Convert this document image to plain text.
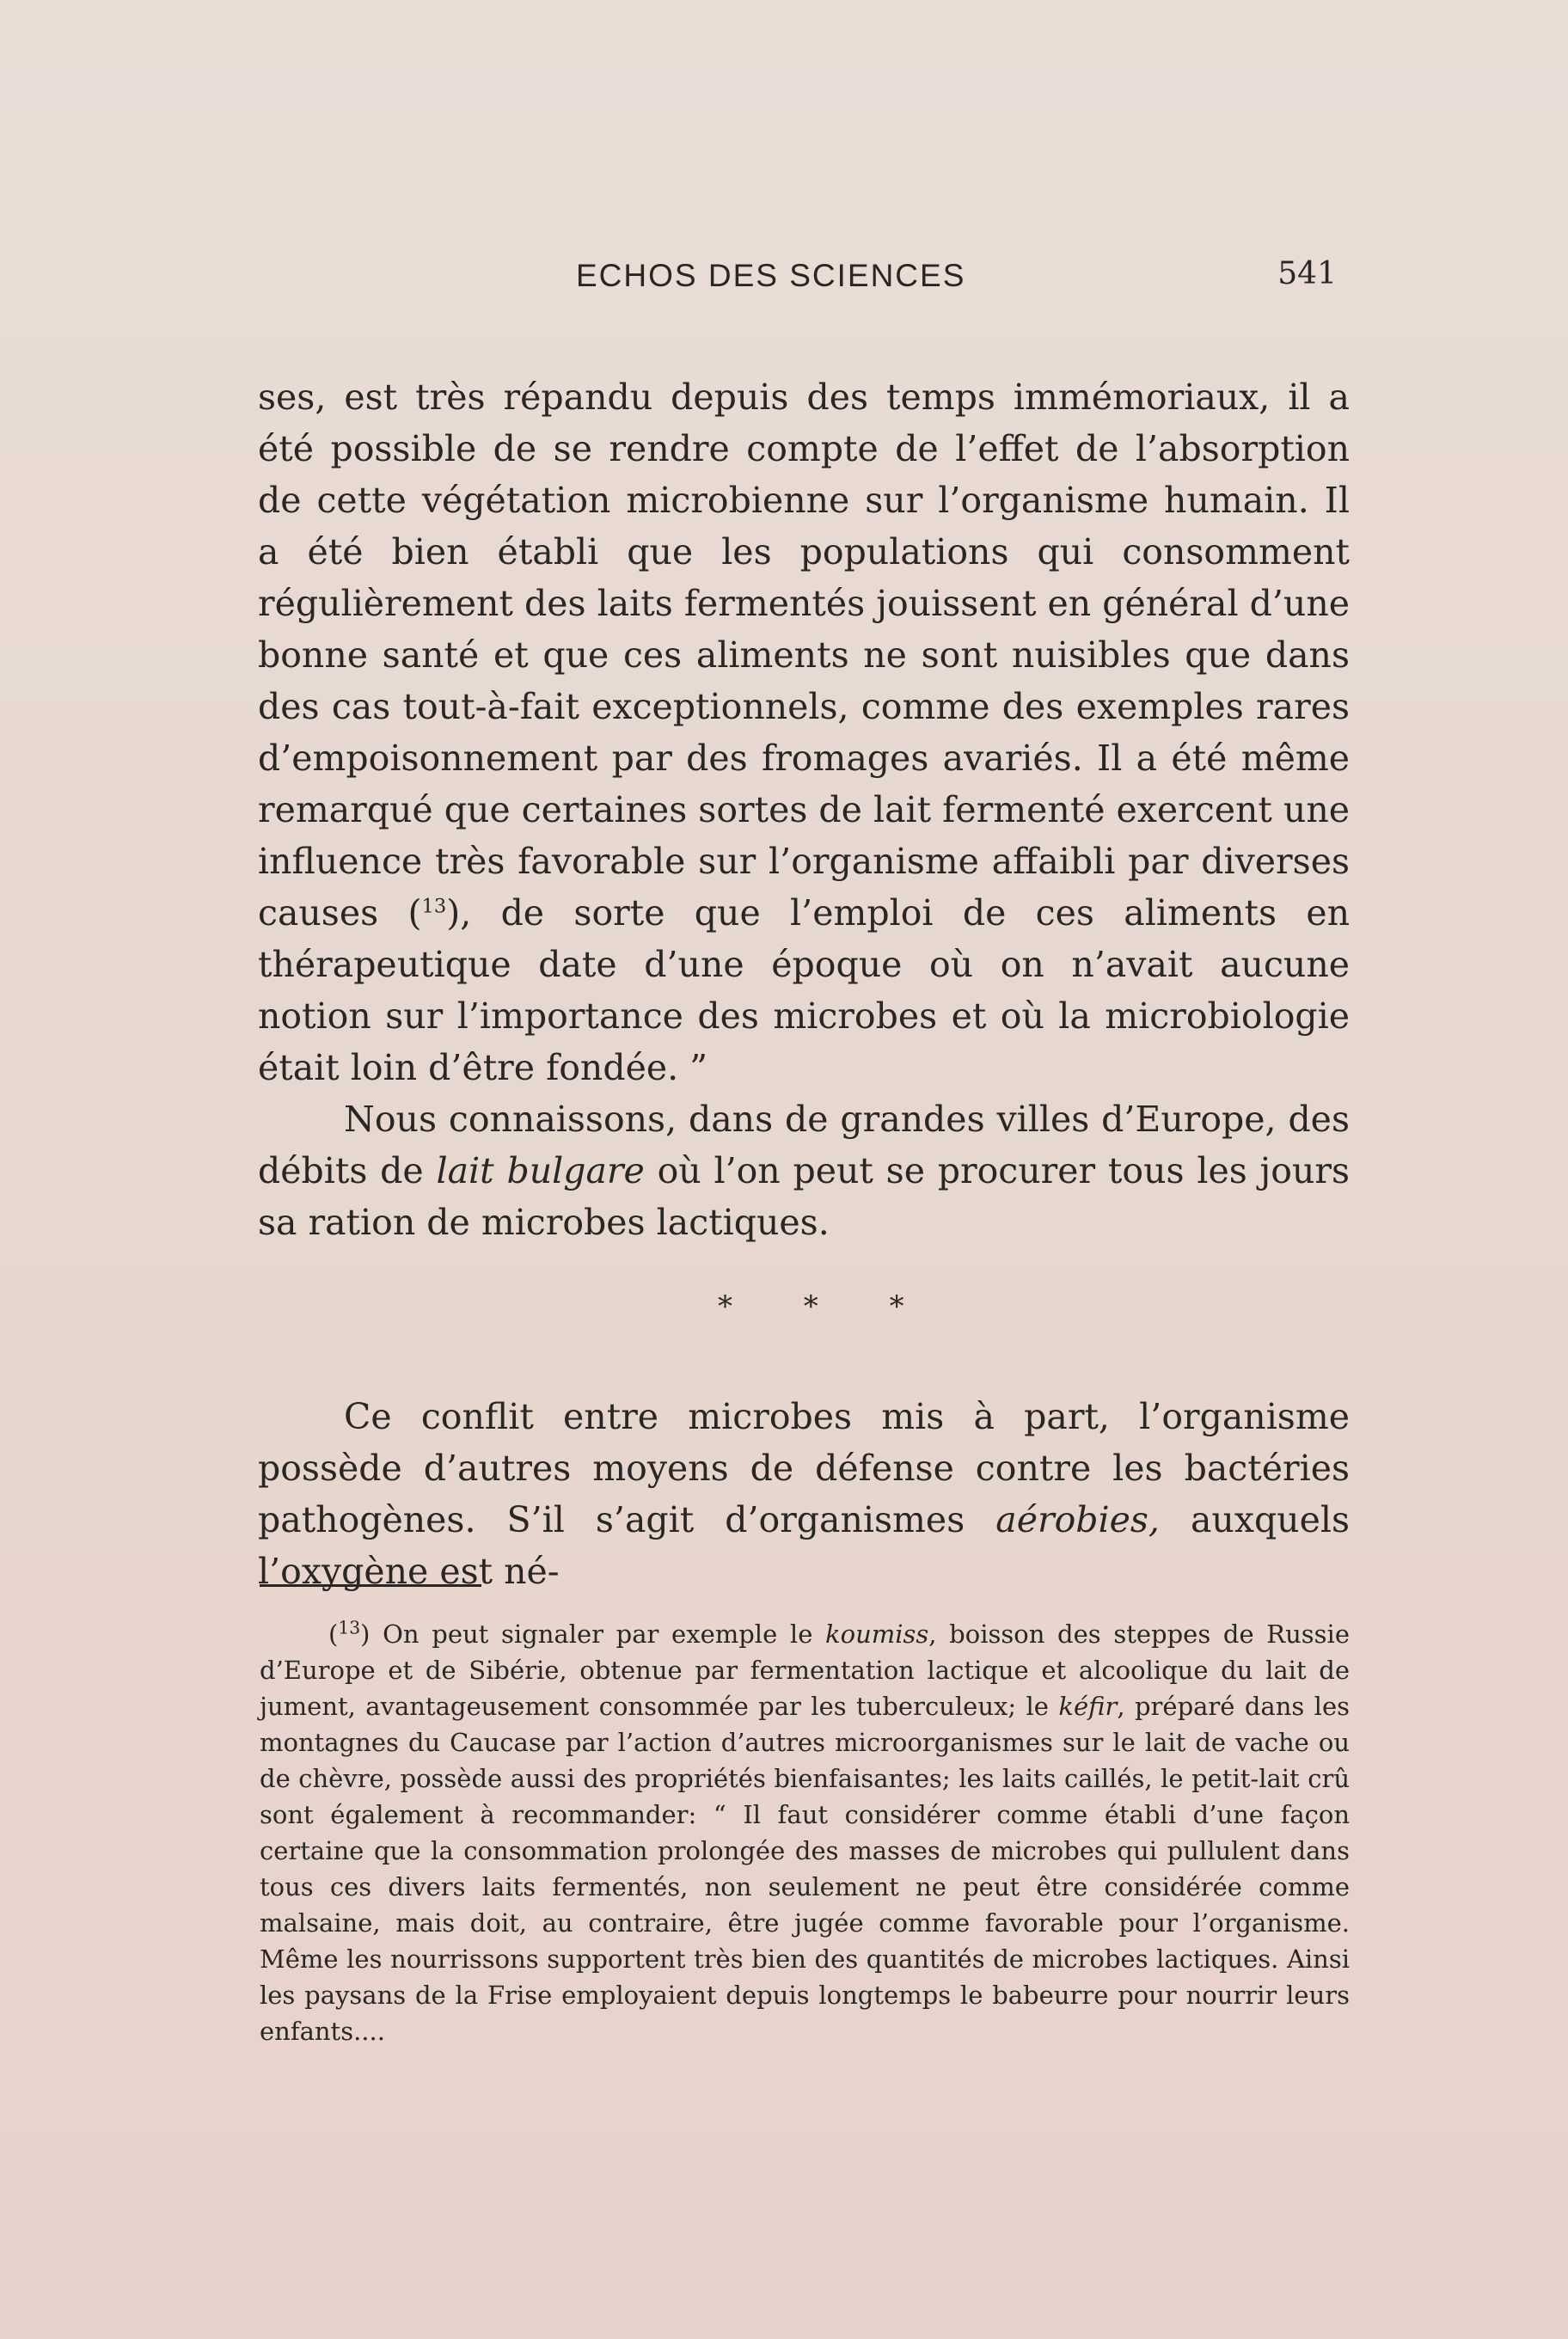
ECHOS DES SCIENCES	541

ses, est très répandu depuis des temps immémoriaux, il a été possible de se rendre compte de l’effet de l’absorption de cette végétation microbienne sur l’organisme humain. Il a été bien établi que les populations qui consomment régulièrement des laits fermentés jouissent en général d’une bonne santé et que ces aliments ne sont nuisibles que dans des cas tout-à-fait exceptionnels, comme des exemples rares d’empoisonnement par des fromages avariés. Il a été même remarqué que certaines sortes de lait fermenté exercent une influence très favorable sur l’organisme affaibli par diverses causes ($^{13}$), de sorte que l’emploi de ces aliments en thérapeutique date d’une époque où on n’avait aucune notion sur l’importance des microbes et où la microbiologie était loin d’être fondée. ”

Nous connaissons, dans de grandes villes d’Europe, des débits de lait bulgare où l’on peut se procurer tous les jours sa ration de microbes lactiques.

* * *

Ce conflit entre microbes mis à part, l’organisme possède d’autres moyens de défense contre les bactéries pathogènes. S’il s’agit d’organismes aérobies, auxquels l’oxygène est né-

($^{13}$) On peut signaler par exemple le koumiss, boisson des steppes de Russie d’Europe et de Sibérie, obtenue par fermentation lactique et alcoolique du lait de jument, avantageusement consommée par les tuberculeux; le kéfir, préparé dans les montagnes du Caucase par l’action d’autres microorganismes sur le lait de vache ou de chèvre, possède aussi des propriétés bienfaisantes; les laits caillés, le petit-lait crû sont également à recommander: “ Il faut considérer comme établi d’une façon certaine que la consommation prolongée des masses de microbes qui pullulent dans tous ces divers laits fermentés, non seulement ne peut être considérée comme malsaine, mais doit, au contraire, être jugée comme favorable pour l’organisme. Même les nourrissons supportent très bien des quantités de microbes lactiques. Ainsi les paysans de la Frise employaient depuis longtemps le babeurre pour nourrir leurs enfants....
